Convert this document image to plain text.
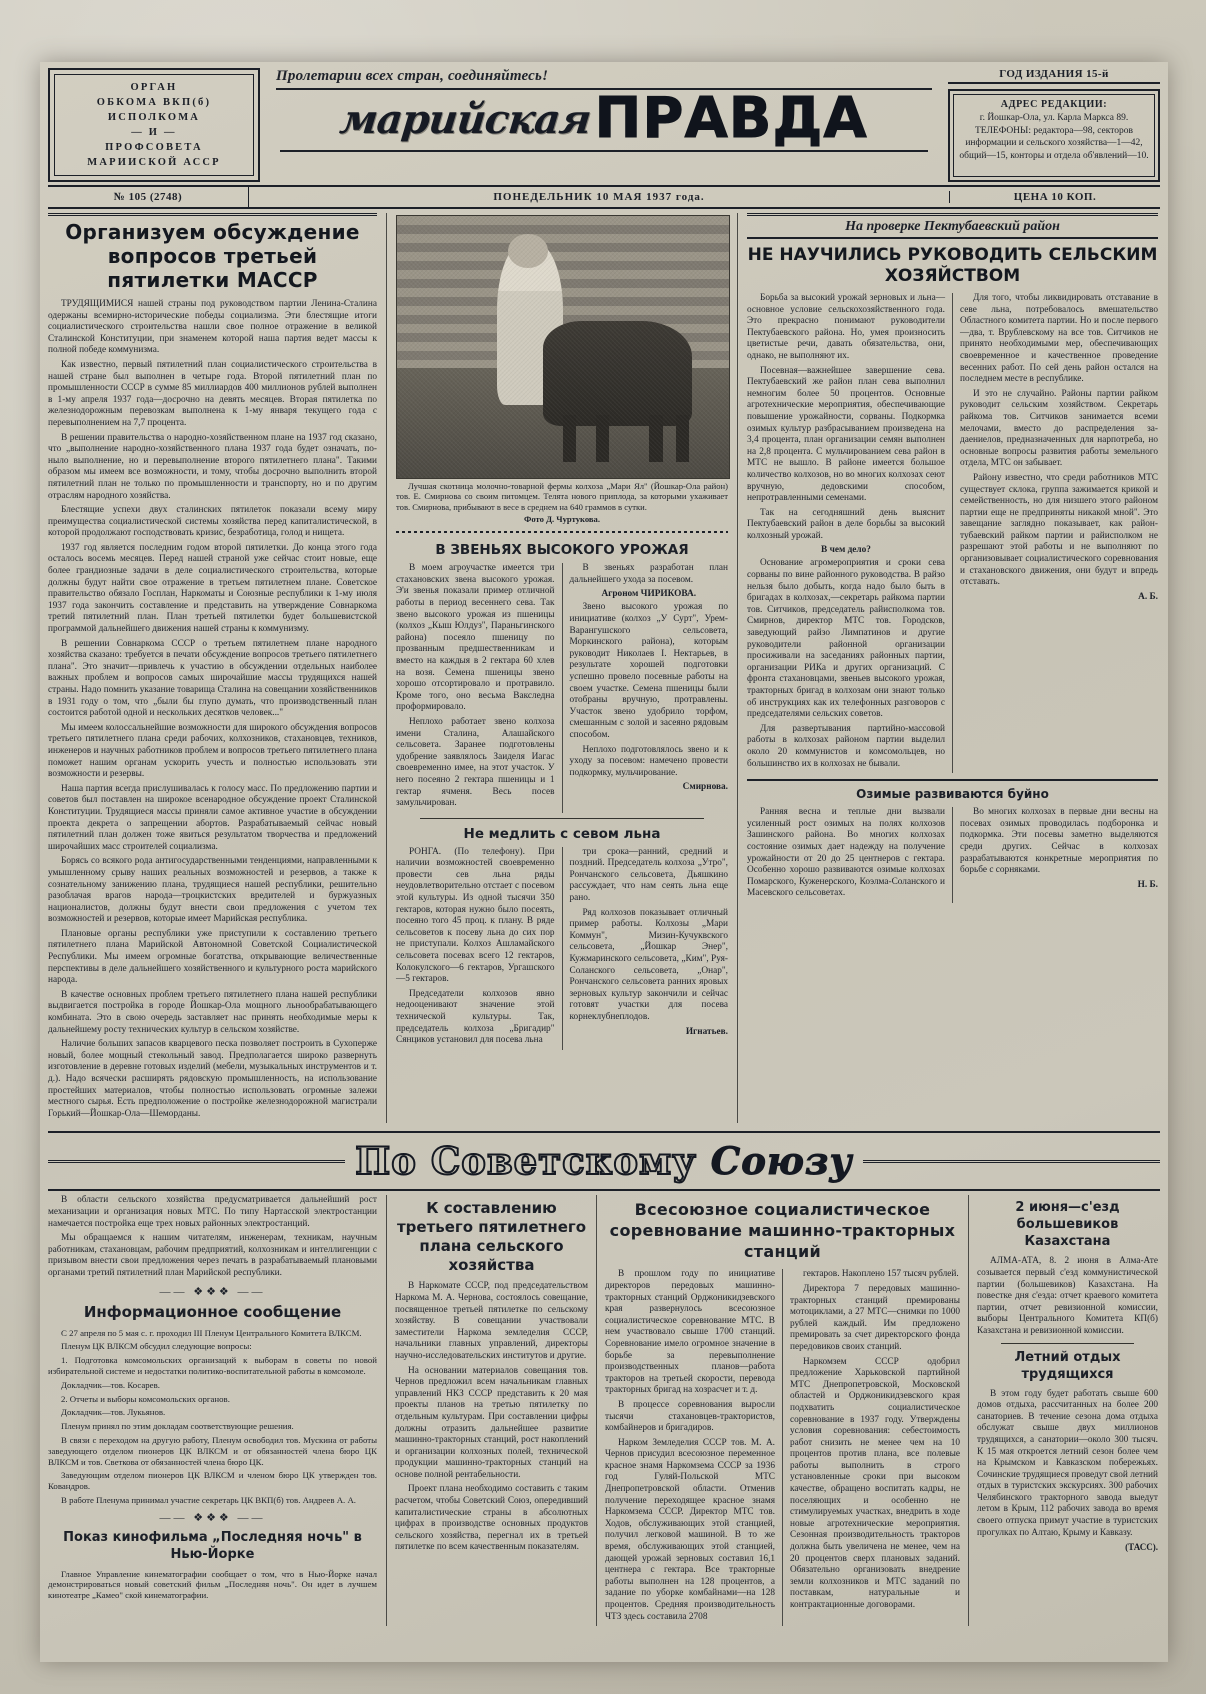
ОРГАН
ОБКОМА ВКП(б)
ИСПОЛКОМА
— И —
ПРОФСОВЕТА
МАРИИСКОЙ АССР
Пролетарии всех стран, соединяйтесь!
марийская ПРАВДА
ГОД ИЗДАНИЯ 15-й
АДРЕС РЕДАКЦИИ:
г. Йошкар-Ола, ул. Карла Маркса 89. ТЕЛЕФОНЫ: редактора—98, секторов информации и сельского хозяйства—1—42, общий—15, конторы и отдела об'явлений—10.
№ 105 (2748)	ПОНЕДЕЛЬНИК 10 МАЯ 1937 года.	ЦЕНА 10 КОП.
Организуем обсуждение вопросов третьей пятилетки МАССР

ТРУДЯЩИМИСЯ нашей страны под руководством партии Ленина-Сталина одержаны всемирно-исторические победы социализма. Эти блестящие итоги социалистического строительства нашли свое полное отражение в великой Сталинской Конституции, при знаменем которой наша партия ведет массы к полной победе коммунизма.

Как известно, первый пятилетний план социалистического строительства в нашей стране был выполнен в четыре года. Второй пятилетний план по промышленности СССР в сумме 85 миллиардов 400 миллионов рублей выполнен в 1-му апреля 1937 года—досрочно на девять месяцев. Вторая пятилетка по железнодорожным перевозкам выполнена к 1-му января текущего года с перевыполнением на 7,7 процента.

В решении правительства о народно-хозяйственном плане на 1937 год сказано, что „выполнение народно-хозяйственного плана 1937 года будет означать, по-ныло выполнение, но и перевыполнение второго пятилетнего плана". Такими образом мы имеем все возможности, и тому, чтобы досрочно выполнить второй пятилетний план не только по промышленности и транспорту, но и по другим отраслям народного хозяйства.

Блестящие успехи двух сталинских пятилеток показали всему миру преимущества социалистической системы хозяйства перед капиталистической, в которой продолжают господствовать кризис, безработица, голод и нищета.

1937 год является последним годом второй пятилетки. До конца этого года осталось восемь месяцев. Перед нашей страной уже сейчас стоит новые, еще более грандиозные задачи в деле социалистического строительства, которые должны будут найти свое отражение в третьем пятилетнем плане. Советское правительство обязало Госплан, Наркоматы и Союзные республики к 1-му июля 1937 года закончить составление и представить на утверждение Совнаркома третий пятилетний план. План третьей пятилетки будет большевистской программой дальнейшего движения нашей страны к коммунизму.

В решении Совнаркома СССР о третьем пятилетнем плане народного хозяйства сказано: требуется в печати обсуждение вопросов третьего пятилетнего плана". Это значит—привлечь к участию в обсуждении отдельных наиболее важных проблем и вопросов самых широчайшие массы трудящихся нашей страны. Надо помнить указание товарища Сталина на совещании хозяйственников в 1931 году о том, что „были бы глупо думать, что производственный план состоится работой одной и нескольких десятков человек..."

Мы имеем колоссальнейшие возможности для широкого обсуждения вопросов третьего пятилетнего плана среди рабочих, колхозников, стахановцев, техников, инженеров и научных работников проблем и вопросов третьего пятилетнего плана поможет нашим органам ускорить учесть и полностью использовать эти возможности и резервы.

Наша партия всегда прислушивалась к голосу масс. По предложению партии и советов был поставлен на широкое всенародное обсуждение проект Сталинской Конституции. Трудящиеся массы приняли самое активное участие в обсуждении проекта декрета о запрещении абортов. Разрабатываемый сейчас новый пятилетний план должен тоже явиться результатом творчества и предложений широчайших масс строителей социализма.

Борясь со всякого рода антигосударственными тенденциями, направленными к умышленному срыву наших реальных возможностей и резервов, а также к сознательному занижению плана, трудящиеся нашей республики, решительно разоблачая врагов народа—троцкистских вредителей и буржуазных националистов, должны будут внести свои предложения с учетом тех возможностей и резервов, которые имеет Марийская республика.

Плановые органы республики уже приступили к составлению третьего пятилетнего плана Марийской Автономной Советской Социалистической Республики. Мы имеем огромные богатства, открывающие величественные перспективы в деле дальнейшего хозяйственного и культурного роста марийского народа.

В качестве основных проблем третьего пятилетнего плана нашей республики выдвигается постройка в городе Йошкар-Ола мощного льнообрабатывающего комбината. Это в свою очередь заставляет нас принять необходимые меры к дальнейшему росту технических культур в сельском хозяйстве.

Наличие больших запасов кварцевого песка позволяет построить в Сухоперже новый, более мощный стекольный завод. Предполагается широко развернуть изготовление в деревне готовых изделий (мебели, музыкальных инструментов и т. д.). Надо всячески расширять рядовскую промышленность, на использование простейших материалов, чтобы полностью использовать огромные залежи местного сырья. Есть предположение о постройке железнодорожной магистрали Горький—Йошкар-Ола—Шеморданы.

Лучшая скотница молочно-товарной фермы колхоза „Мари Ял" (Йошкар-Ола район) тов. Е. Смирнова со своим питомцем. Телята нового приплода, за которыми ухаживает тов. Смирнова, прибывают в весе в среднем на 640 граммов в сутки.
Фото Д. Чуртукова.
В ЗВЕНЬЯХ ВЫСОКОГО УРОЖАЯ

В моем агроучастке имеется три стахановских звена высокого урожая. Э'и звенья показали пример отличной работы в период весеннего сева. Так звено высокого урожая из пшеницы (колхоз „Кыш Юлдуз", Параньгинского района) посеяло пшеницу по прозванным предшественникам и вместо на каждыя в 2 гектара 60 хлев на возя. Семена пшеницы звено хорошо отсортировало и протравило. Кроме того, оно весьма Вакследна проформировало.

Неплохо работает звено колхоза имени Сталина, Алашайского сельсовета. Заранее подготовлены удобрение заявлялось Заиделя Иагас своевременно имее, на этот участок. У него посеяно 2 гектара пшеницы и 1 гектар ячменя. Весь посев замульчирован.

В звеньях разработан план дальнейшего ухода за посевом.

Агроном ЧИРИКОВА.

Звено высокого урожая по инициативе (колхоз „У Сурт", Урем-Варангушского сельсовета, Моркинского района), которым руководит Николаев I. Нектарьев, в результате хорошей подготовки успешно провело посевные работы на своем участке. Семена пшеницы были отобраны вручную, протравлены. Участок звено удобрило торфом, смешанным с золой и засеяно рядовым способом.

Неплохо подготовлялось звено и к уходу за посевом: намечено провести подкормку, мульчирование.

Смирнова.
Не медлить с севом льна

РОНГА. (По телефону). При наличии возможностей своевременно провести сев льна ряды неудовлетворительно отстает с посевом этой культуры. Из одной тысячи 350 гектаров, которая нужно было посеять, посеяно того 45 проц. к плану. В ряде сельсоветов к посеву льна до сих пор не приступали. Колхоз Ашламайского сельсовета посевах всего 12 гектаров, Колокулского—6 гектаров, Ургашского—5 гектаров.

Председатели колхозов явно недооценивают значение этой технической культуры. Так, председатель колхоза „Бригадир" Сянциков установил для посева льна

три срока—ранний, средний и поздний. Председатель колхоза „Утро", Рончанского сельсовета, Дьяшкино рассуждает, что нам сеять льна еще рано.

Ряд колхозов показывает отличный пример работы. Колхозы „Мари Коммун", Мизин-Кучуквского сельсовета, „Йошкар Энер", Кужмаринского сельсовета, „Ким", Руя-Соланского сельсовета, „Онар", Рончанского сельсовета ранних яровых зерновых культур закончили и сейчас готовят участки для посева корнеклубнеплодов.

Игнатьев.
На проверке Пектубаевский район
НЕ НАУЧИЛИСЬ РУКОВОДИТЬ СЕЛЬСКИМ ХОЗЯЙСТВОМ

Борьба за высокий урожай зерновых и льна—основное условие сельскохозяйственного года. Это прекрасно понимают руководители Пектубаевского района. Но, умея произносить цветистые речи, давать обязательства, они, однако, не выполняют их.

Посевная—важнейшее завершение сева. Пектубаевский же район план сева выполнил немногим более 50 процентов. Основные агротехнические мероприятия, обеспечивающие повышение урожайности, сорваны. Подкормка озимых культур разбрасыванием произведена на 3,4 процента, план организации семян выполнен на 2,8 процента. С мульчированием сева район в МТС не вышло. В районе имеется большое количество колхозов, но во многих колхозах сеют вручную, дедовскими способом, непротравленными семенами.

Так на сегодняшний день выяснит Пектубаевский район в деле борьбы за высокий колхозный урожай.

В чем дело?

Основание агромероприятия и сроки сева сорваны по вине районного руководства. В райзо нельзя было добыть, когда надо было быть в бригадах в колхозах,—секретарь райкома партии тов. Ситчиков, председатель райисполкома тов. Смирнов, директор МТС тов. Городсков, заведующий райзо Лимпатинов и другие руководители районной организации просиживали на заседаниях районных партии, организации РИКа и других организаций. С фронта стахановцами, звеньев высокого урожая, тракторных бригад в колхозам они знают только об инструкциях как их телефонных разговоров с председателями сельских советов.

Для развертывания партийно-массовой работы в колхозах районом партии выделил около 20 коммунистов и комсомольцев, но большинство их в колхозах не бывали.

Для того, чтобы ликвидировать отставание в севе льна, потребовалось вмешательство Областного комитета партии. Но и после первого—два, т. Врублевскому на все тов. Ситчиков не принято необходимыми мер, обеспечивающих своевременное и качественное проведение весенних работ. По сей день район остался на последнем месте в республике.

И это не случайно. Районы партии райком руководит сельским хозяйством. Секретарь райкома тов. Ситчиков занимается всеми мелочами, вместо до распределения за-даениелов, предназначенных для нарпотреба, но основные вопросы развития работы земельного отдела, МТС он забывает.

Району известно, что среди работников МТС существует склока, группа зажимается крикой и семейственность, но для низшего этого районом партии еще не предприняты никакой мной". Это завещание заглядно показывает, как район-тубаевский райком партии и райисполком не разрешают этой работы и не выполняют по организовывает социалистического соревнования и стахановского движения, они будут и впредь отставать.

А. Б.
Озимые развиваются буйно

Ранняя весна и теплые дни вызвали усиленный рост озимых на полях колхозов Зашинского района. Во многих колхозах состояние озимых дает надежду на получение урожайности от 20 до 25 центнеров с гектара. Особенно хорошо развиваются озимые колхозах Помарского, Куженерского, Коэлма-Соланского и Масевского сельсоветах.

Во многих колхозах в первые дни весны на посевах озимых проводилась подборонка и подкормка. Эти посевы заметно выделяются среди других. Сейчас в колхозах разрабатываются конкретные мероприятия по борьбе с сорняками.

Н. Б.
По Советскому Союзу

В области сельского хозяйства предусматривается дальнейший рост механизации и организация новых МТС. По типу Нартасской электростанции намечается постройка еще трех новых районных электростанций.

Мы обращаемся к нашим читателям, инженерам, техникам, научным работникам, стахановцам, рабочим предприятий, колхозникам и интеллигенции с призывом внести свои предложения через печать в разрабатываемый плановыми органами третий пятилетний план Марийской республики.

—— ❖❖❖ ——
Информационное сообщение

С 27 апреля по 5 мая с. г. проходил III Пленум Центрального Комитета ВЛКСМ.

Пленум ЦК ВЛКСМ обсудил следующие вопросы:

1. Подготовка комсомольских организаций к выборам в советы по новой избирательной системе и недостатки политико-воспитательной работы в комсомоле.

Докладчик—тов. Косарев.

2. Отчеты и выборы комсомольских органов.

Докладчик—тов. Лукьянов.

Пленум принял по этим докладам соответствующие решения.

В связи с переходом на другую работу, Пленум освободил тов. Мускина от работы заведующего отделом пионеров ЦК ВЛКСМ и от обязанностей члена бюро ЦК ВЛКСМ и тов. Светкова от обязанностей члена бюро ЦК.

Заведующим отделом пионеров ЦК ВЛКСМ и членом бюро ЦК утвержден тов. Ковандров.

В работе Пленума принимал участие секретарь ЦК ВКП(б) тов. Андреев А. А.

—— ❖❖❖ ——
Показ кинофильма „Последняя ночь" в Нью-Йорке

Главное Управление кинематографии сообщает о том, что в Нью-Йорке начал демонстрироваться новый советский фильм „Последняя ночь". Он идет в лучшем кинотеатре „Камео" ской кинематографии.

К составлению третьего пятилетнего плана сельского хозяйства

В Наркомате СССР, под председательством Наркома М. А. Чернова, состоялось совещание, посвященное третьей пятилетке по сельскому хозяйству. В совещании участвовали заместители Наркома земледелия СССР, начальники главных управлений, директоры научно-исследовательских институтов и другие.

На основании материалов совещания тов. Чернов предложил всем начальникам главных управлений НКЗ СССР представить к 20 мая проекты планов на третью пятилетку по отдельным культурам. При составлении цифры должны отразить дальнейшее развитие машинно-тракторных станций, рост накоплений и организации колхозных полей, технической продукции машинно-тракторных станций на основе полной рентабельности.

Проект плана необходимо составить с таким расчетом, чтобы Советский Союз, опередивший капиталистические страны в абсолютных цифрах в производстве основных продуктов сельского хозяйства, перегнал их в третьей пятилетке по всем качественным показателям.

Всесоюзное социалистическое соревнование машинно-тракторных станций

В прошлом году по инициативе директоров передовых машинно-тракторных станций Орджоникидзевского края развернулось всесоюзное социалистическое соревнование МТС. В нем участвовало свыше 1700 станций. Соревнование имело огромное значение в борьбе за перевыполнение производственных планов—работа тракторов на третьей скорости, перевода тракторных бригад на хозрасчет и т. д.

В процессе соревнования выросли тысячи стахановцев-трактористов, комбайнеров и бригадиров.

Нарком Земледелия СССР тов. М. А. Чернов присудил всесоюзное переменное красное знамя Наркомзема СССР за 1936 год Гуляй-Польской МТС Днепропетровской области. Отменив получение переходящее красное знамя Наркомзема СССР. Директор МТС тов. Ходов, обслуживающих этой станцией, получил легковой машиной. В то же время, обслуживающих этой станцией, дающей урожай зерновых составил 16,1 центнера с гектара. Все тракторные работы выполнен на 128 процентов, а задание по уборке комбайнами—на 128 процентов. Средняя производительность ЧТЗ здесь составила 2708

гектаров. Накоплено 157 тысяч рублей.

Директора 7 передовых машинно-тракторных станций премированы мотоциклами, а 27 МТС—снимки по 1000 рублей каждый. Им предложено премировать за счет директорского фонда передовиков своих станций.

Наркомзем СССР одобрил предложение Харьковской партийной МТС Днепропетровской, Московской областей и Орджоникидзевского края подхватить социалистическое соревнование в 1937 году. Утверждены условия соревнования: себестоимость работ снизить не менее чем на 10 процентов против плана, все полевые работы выполнить в строго установленные сроки при высоком качестве, обращено воспитать кадры, не поселяющих и особенно не стимулируемых участках, внедрить в ходе новые агротехнические мероприятия. Сезонная производительность тракторов должна быть увеличена не менее, чем на 20 процентов сверх плановых заданий. Обязательно организовать внедрение земли колхозников и МТС заданий по поставкам, натуральные и контрактационные договорами.

2 июня—с'езд большевиков Казахстана

АЛМА-АТА, 8. 2 июня в Алма-Ате созывается первый с'езд коммунистической партии (большевиков) Казахстана. На повестке дня с'езда: отчет краевого комитета партии, отчет ревизионной комиссии, выборы Центрального Комитета КП(б) Казахстана и ревизионной комиссии.

Летний отдых трудящихся

В этом году будет работать свыше 600 домов отдыха, рассчитанных на более 200 санаториев. В течение сезона дома отдыха обслужат свыше двух миллионов трудящихся, а санатории—около 300 тысяч. К 15 мая откроется летний сезон более чем на Крымском и Кавказском побережьях. Сочинские трудящиеся проведут свой летний отдых в туристских экскурсиях. 300 рабочих Челябинского тракторного завода выедут летом в Крым, 112 рабочих завода во время своего отпуска примут участие в туристских прогулках по Алтаю, Крыму и Кавказу.

(ТАСС).
